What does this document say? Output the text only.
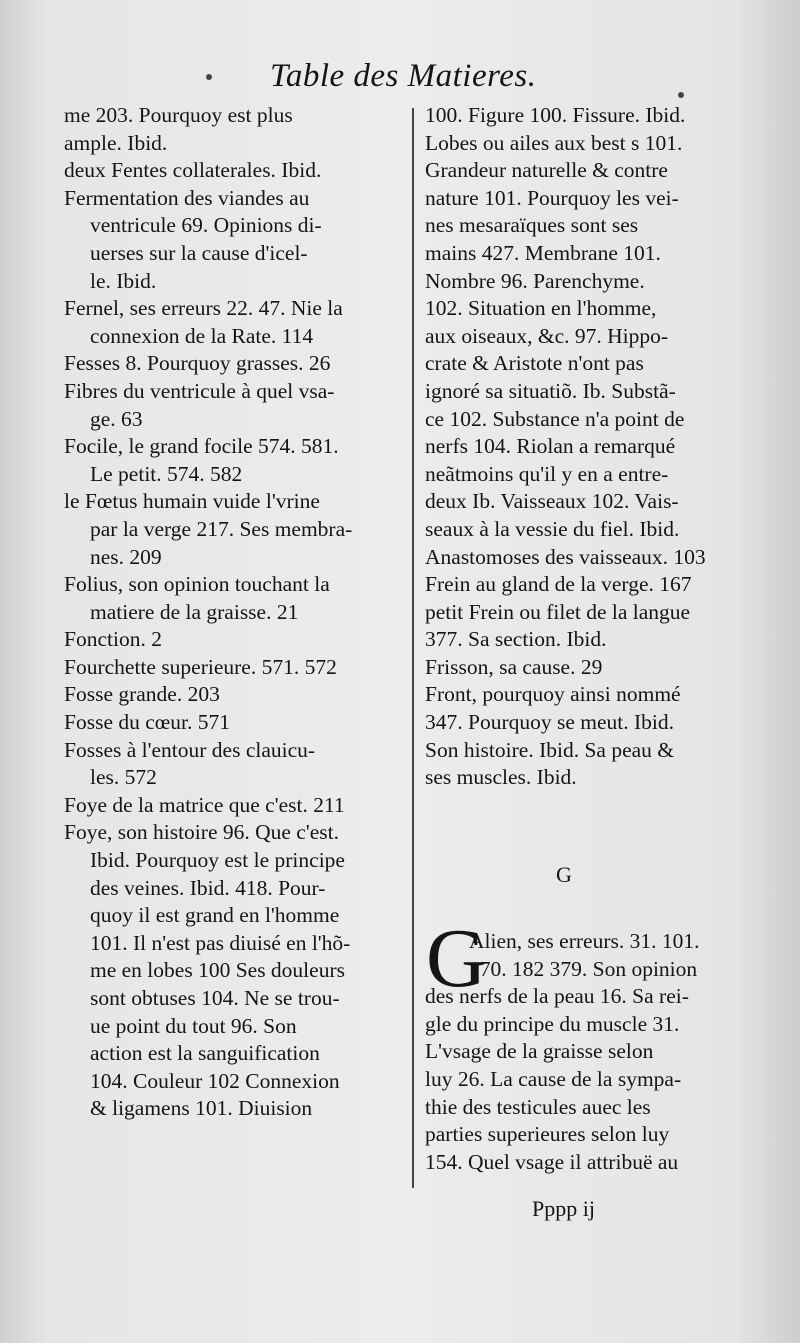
Table des Matieres.
me 203. Pourquoy est plus
ample. Ibid.
deux Fentes collaterales. Ibid.
Fermentation des viandes au
ventricule 69. Opinions di-
uerses sur la cause d'icel-
le. Ibid.
Fernel, ses erreurs 22. 47. Nie la
connexion de la Rate. 114
Fesses 8. Pourquoy grasses. 26
Fibres du ventricule à quel vsa-
ge. 63
Focile, le grand focile 574. 581.
Le petit. 574. 582
le Fœtus humain vuide l'vrine
par la verge 217. Ses membra-
nes. 209
Folius, son opinion touchant la
matiere de la graisse. 21
Fonction. 2
Fourchette superieure. 571. 572
Fosse grande. 203
Fosse du cœur. 571
Fosses à l'entour des clauicu-
les. 572
Foye de la matrice que c'est. 211
Foye, son histoire 96. Que c'est.
Ibid. Pourquoy est le principe
des veines. Ibid. 418. Pour-
quoy il est grand en l'homme
101. Il n'est pas diuisé en l'hõ-
me en lobes 100 Ses douleurs
sont obtuses 104. Ne se trou-
ue point du tout 96. Son
action est la sanguification
104. Couleur 102 Connexion
& ligamens 101. Diuision
100. Figure 100. Fissure. Ibid.
Lobes ou ailes aux best s 101.
Grandeur naturelle & contre
nature 101. Pourquoy les vei-
nes mesaraïques sont ses
mains 427. Membrane 101.
Nombre 96. Parenchyme.
102. Situation en l'homme,
aux oiseaux, &c. 97. Hippo-
crate & Aristote n'ont pas
ignoré sa situatiõ. Ib. Substã-
ce 102. Substance n'a point de
nerfs 104. Riolan a remarqué
neãtmoins qu'il y en a entre-
deux Ib. Vaisseaux 102. Vais-
seaux à la vessie du fiel. Ibid.
Anastomoses des vaisseaux. 103
Frein au gland de la verge. 167
petit Frein ou filet de la langue
377. Sa section. Ibid.
Frisson, sa cause. 29
Front, pourquoy ainsi nommé
347. Pourquoy se meut. Ibid.
Son histoire. Ibid. Sa peau &
ses muscles. Ibid.
G
G
Alien, ses erreurs. 31. 101.
170. 182 379. Son opinion
des nerfs de la peau 16. Sa rei-
gle du principe du muscle 31.
L'vsage de la graisse selon
luy 26. La cause de la sympa-
thie des testicules auec les
parties superieures selon luy
154. Quel vsage il attribuë au
Pppp ij
